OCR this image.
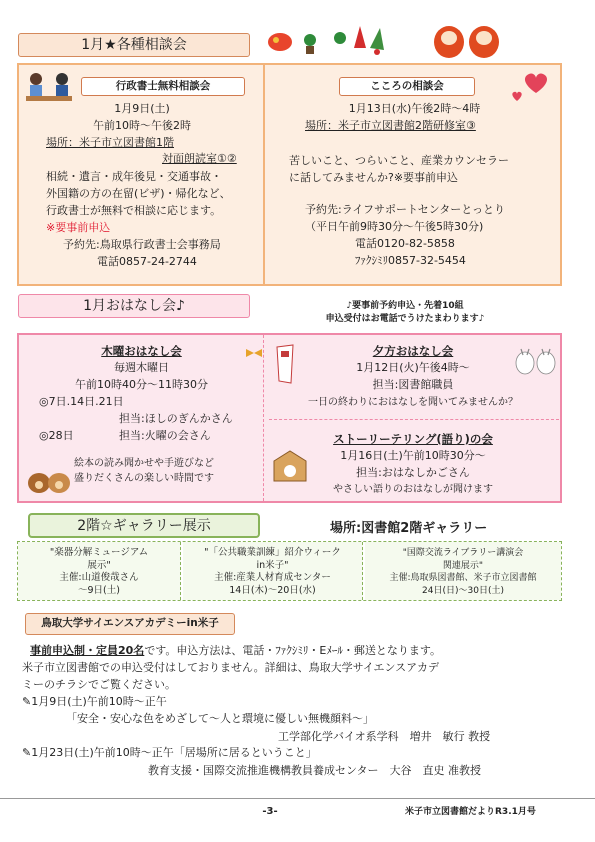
1月★各種相談会
行政書士無料相談会
1月9日(土)
午前10時～午後2時
場所：米子市立図書館1階
対面朗読室①②
相続・遺言・成年後見・交通事故・
外国籍の方の在留(ビザ)・帰化など、
行政書士が無料で相談に応じます。
※要事前申込
予約先:鳥取県行政書士会事務局
電話0857-24-2744
こころの相談会
1月13日(水)午後2時～4時
場所：米子市立図書館2階研修室③
苦しいこと、つらいこと、産業カウンセラー
に話してみませんか?※要事前申込
予約先:ライフサポートセンターとっとり
（平日午前9時30分～午後5時30分)
電話0120-82-5858
ﾌｧｸｼﾐﾘ0857-32-5454
1月おはなし会♪	♪要事前予約申込・先着10組
申込受付はお電話でうけたまわります♪
木曜おはなし会
毎週木曜日
午前10時40分～11時30分
◎7日.14日.21日
担当:ほしのぎんかさん
◎28日	担当:火曜の会さん
絵本の読み聞かせや手遊びなど
盛りだくさんの楽しい時間です
夕方おはなし会
1月12日(火)午後4時～
担当:図書館職員
一日の終わりにおはなしを聞いてみませんか？
ストーリーテリング(語り)の会
1月16日(土)午前10時30分～
担当:おはなしかごさん
やさしい語りのおはなしが聞けます
2階☆ギャラリー展示	場所:図書館2階ギャラリー
"楽器分解ミュージアム
展示"
主催:山道俊哉さん
～9日(土)
"「公共職業訓練」紹介ウィーク
in米子"
主催:産業人材育成センター
14日(木)～20日(水)
"国際交流ライブラリー講演会
関連展示"
主催:鳥取県図書館、米子市立図書館
24日(日)～30日(土)
鳥取大学サイエンスアカデミーin米子
事前申込制・定員20名です。申込方法は、電話・ﾌｧｸｼﾐﾘ・Eﾒｰﾙ・郵送となります。
米子市立図書館での申込受付はしておりません。詳細は、鳥取大学サイエンスアカデ
ミーのチラシでご覧ください。
✎1月9日(土)午前10時～正午
「安全・安心な色をめざして～人と環境に優しい無機顔料～」
工学部化学バイオ系学科　増井　敏行 教授
✎1月23日(土)午前10時～正午「居場所に居るということ」
教育支援・国際交流推進機構教員養成センター　大谷　直史 准教授
-3-	米子市立図書館だよりR3.1月号
